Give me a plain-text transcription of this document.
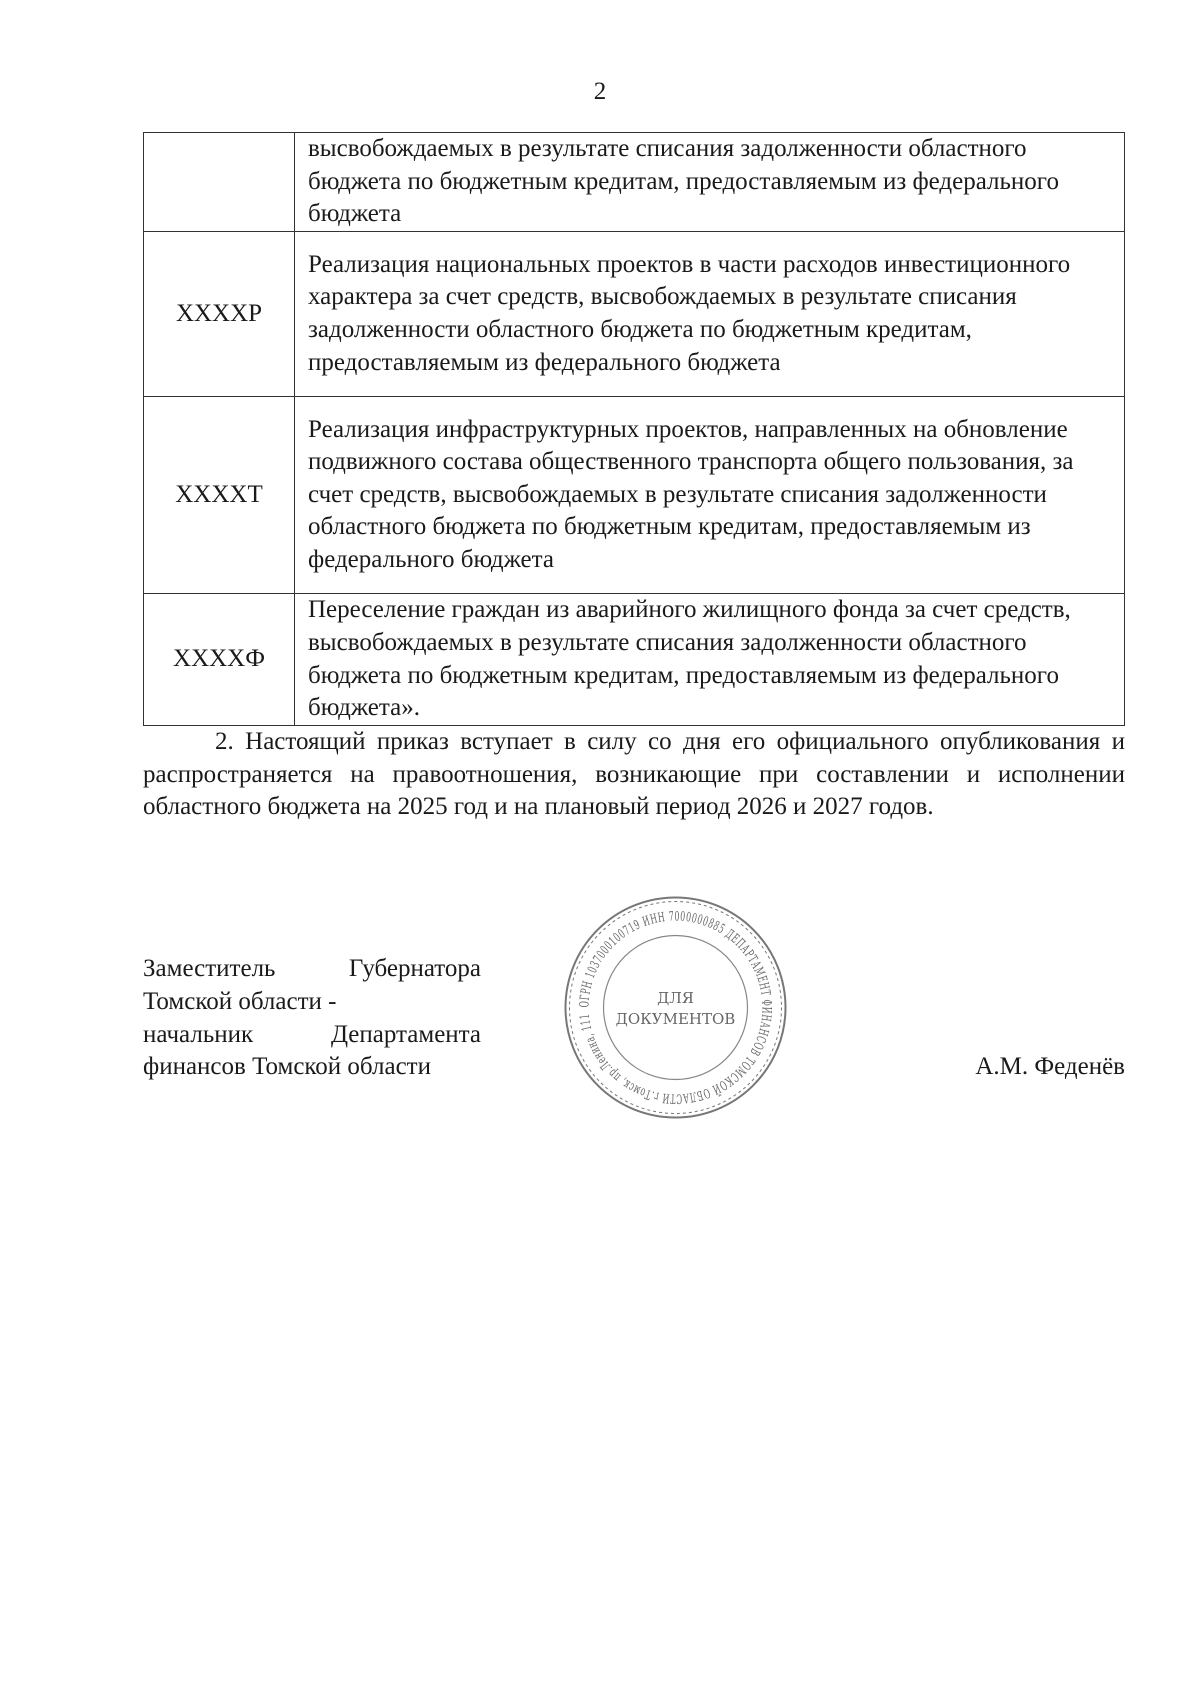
2
	высвобождаемых в результате списания задолженности областного бюджета по бюджетным кредитам, предоставляемым из федерального бюджета
XXXXP	Реализация национальных проектов в части расходов инвестиционного характера за счет средств, высвобождаемых в результате списания задолженности областного бюджета по бюджетным кредитам, предоставляемым из федерального бюджета
XXXXT	Реализация инфраструктурных проектов, направленных на обновление подвижного состава общественного транспорта общего пользования, за счет средств, высвобождаемых в результате списания задолженности областного бюджета по бюджетным кредитам, предоставляемым из федерального бюджета
XXXXФ	Переселение граждан из аварийного жилищного фонда за счет средств, высвобождаемых в результате списания задолженности областного бюджета по бюджетным кредитам, предоставляемым из федерального бюджета».

2. Настоящий приказ вступает в силу со дня его официального опубликования и распространяется на правоотношения, возникающие при составлении и исполнении областного бюджета на 2025 год и на плановый период 2026 и 2027 годов.

Заместитель Губернатора
Томской области -
начальник Департамента
финансов Томской области
ОГРН 1037000100719 ИНН 7000000885 ДЕПАРТАМЕНТ ФИНАНСОВ ТОМСКОЙ ОБЛАСТИ г.Томск, пр.Ленина, 111
ДЛЯ
ДОКУМЕНТОВ
А.М. Феденёв
